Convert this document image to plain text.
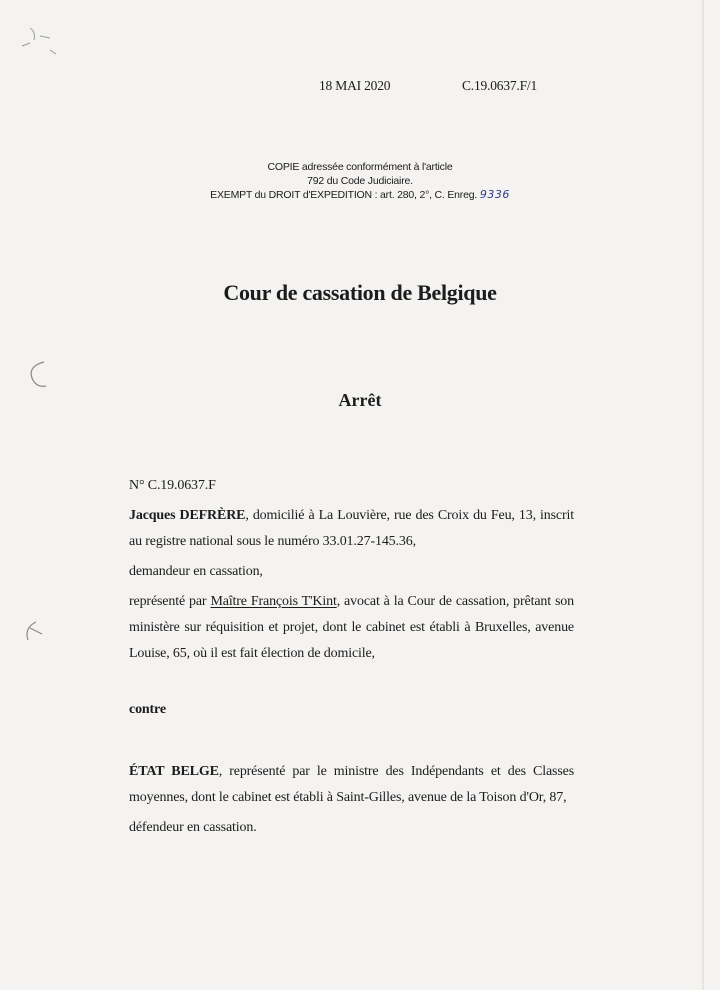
18 MAI 2020	C.19.0637.F/1
COPIE adressée conformément à l'article
792 du Code Judiciaire.
EXEMPT du DROIT d'EXPEDITION : art. 280, 2°, C. Enreg. 9336
Cour de cassation de Belgique
Arrêt
N° C.19.0637.F
Jacques DEFRÈRE, domicilié à La Louvière, rue des Croix du Feu, 13, inscrit
au registre national sous le numéro 33.01.27-145.36,
demandeur en cassation,
représenté par Maître François T'Kint, avocat à la Cour de cassation, prêtant son
ministère sur réquisition et projet, dont le cabinet est établi à Bruxelles, avenue
Louise, 65, où il est fait élection de domicile,
contre
ÉTAT BELGE, représenté par le ministre des Indépendants et des Classes
moyennes, dont le cabinet est établi à Saint-Gilles, avenue de la Toison d'Or, 87,
défendeur en cassation.
